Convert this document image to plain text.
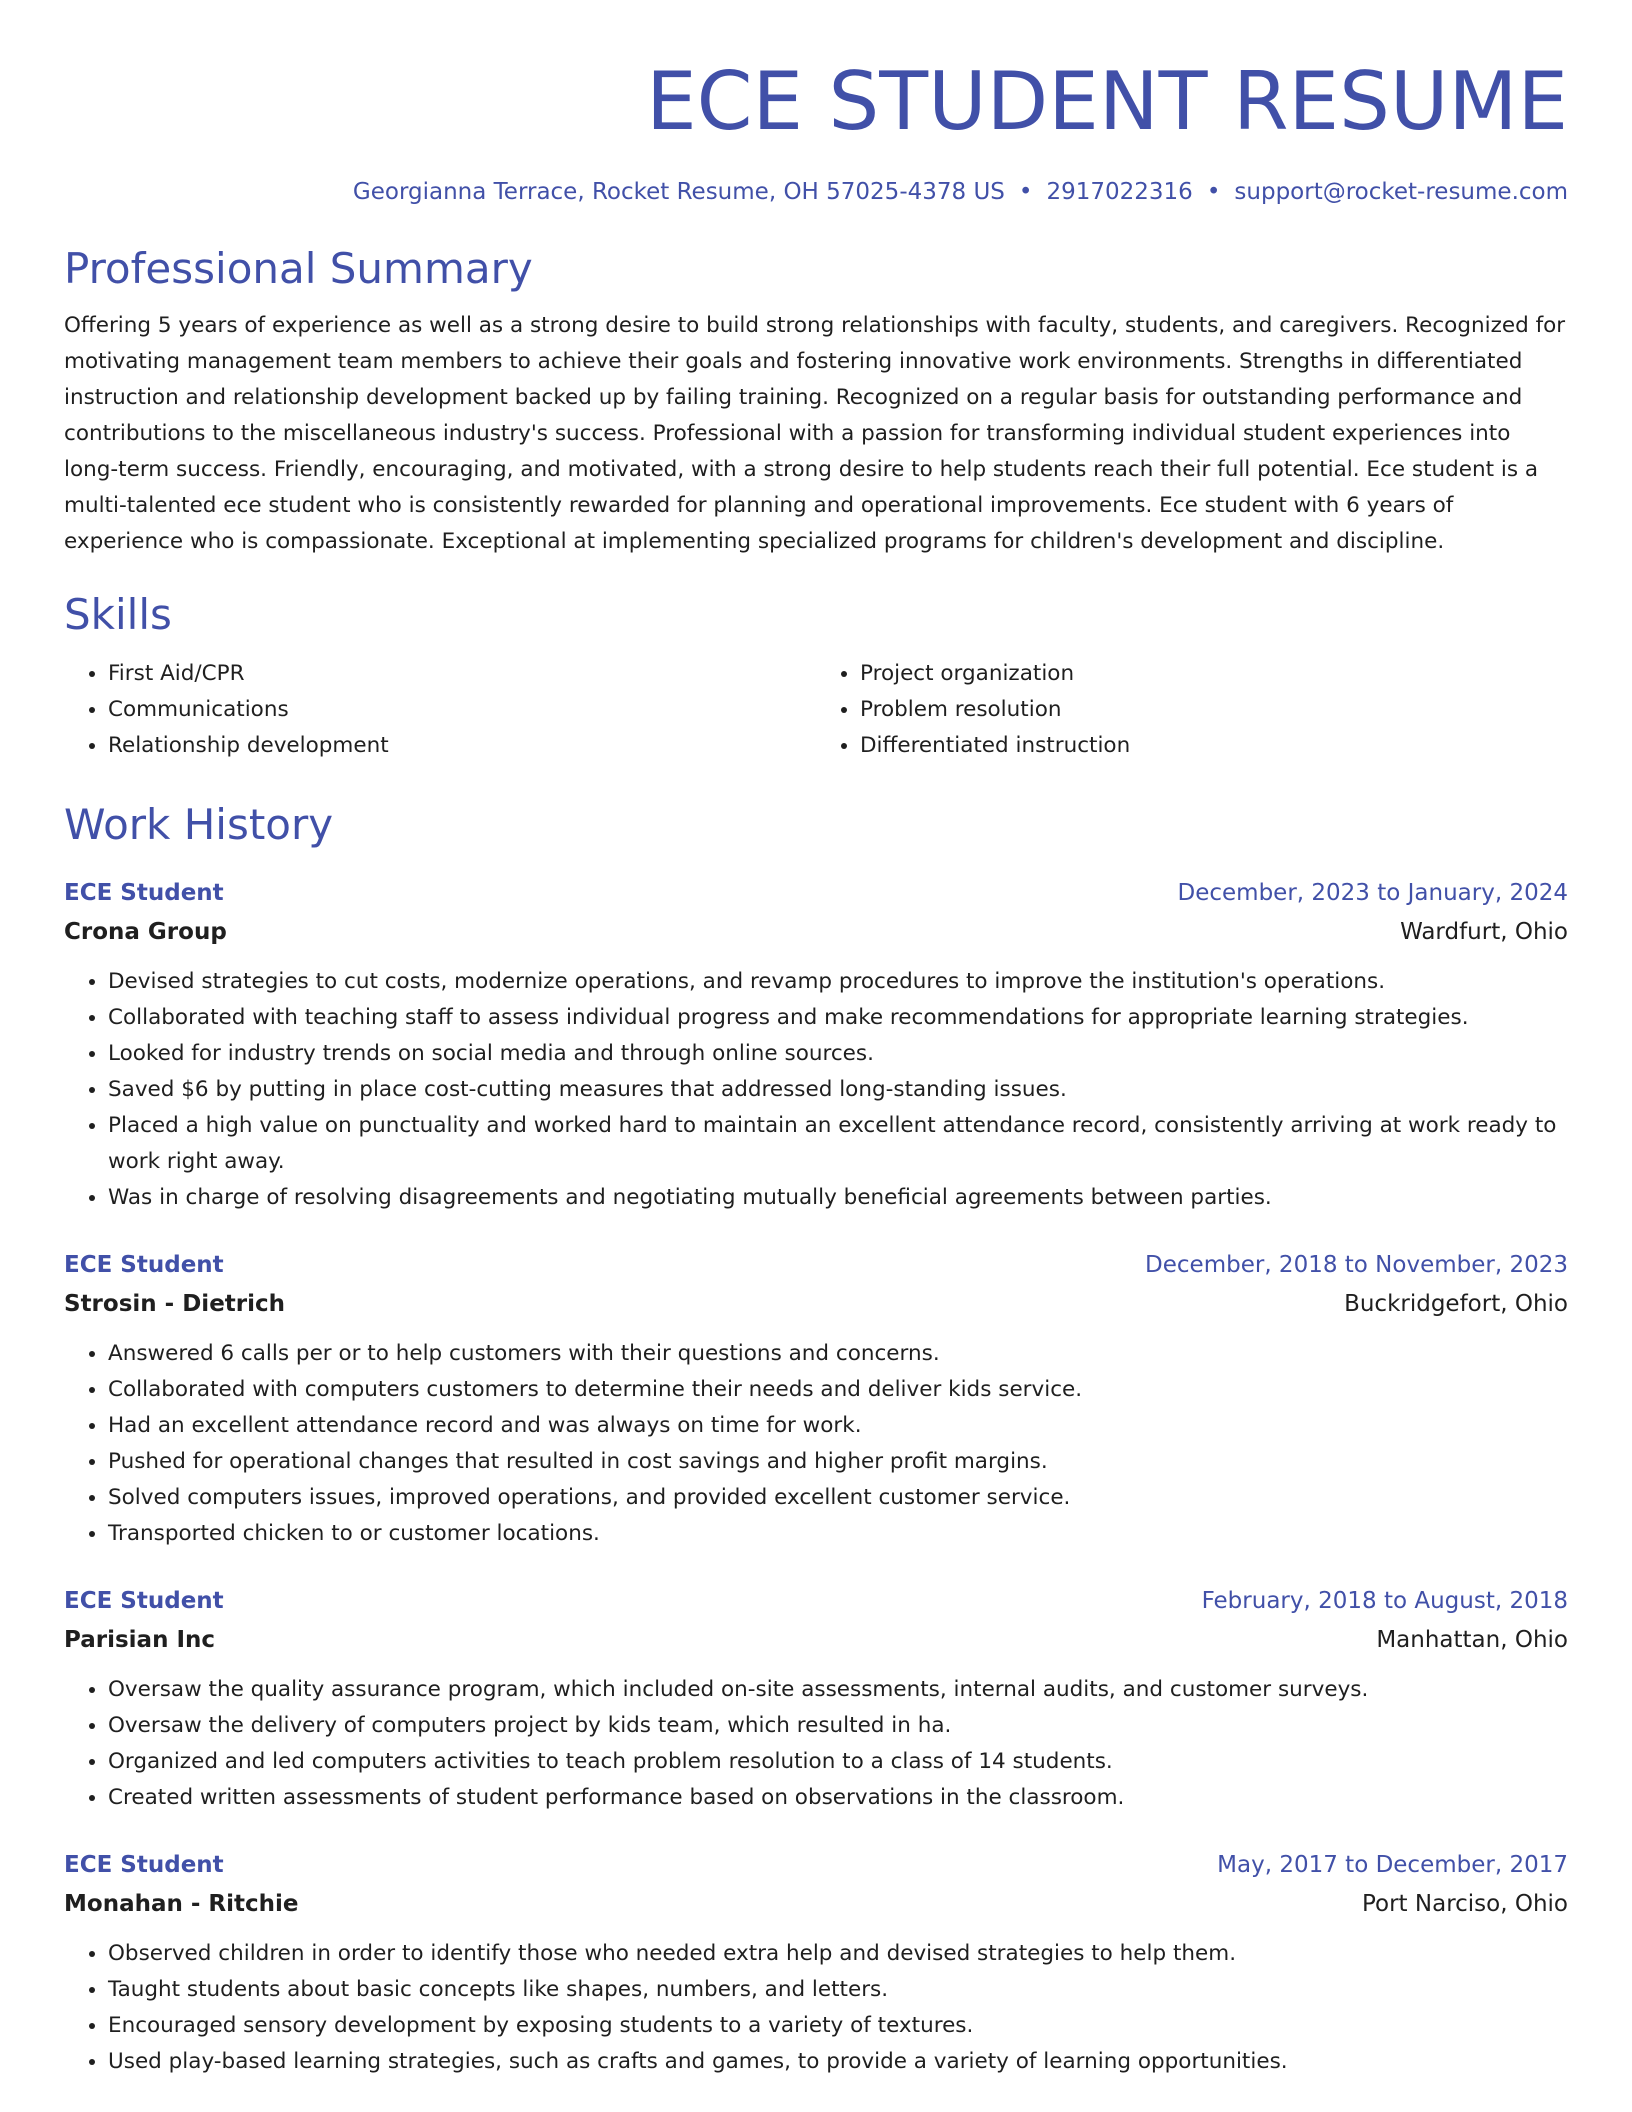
ECE STUDENT RESUME
Georgianna Terrace, Rocket Resume, OH 57025-4378 US • 2917022316 • support@rocket-resume.com
Professional Summary

Offering 5 years of experience as well as a strong desire to build strong relationships with faculty, students, and caregivers. Recognized for motivating management team members to achieve their goals and fostering innovative work environments. Strengths in differentiated instruction and relationship development backed up by failing training. Recognized on a regular basis for outstanding performance and contributions to the miscellaneous industry's success. Professional with a passion for transforming individual student experiences into long-term success. Friendly, encouraging, and motivated, with a strong desire to help students reach their full potential. Ece student is a multi-talented ece student who is consistently rewarded for planning and operational improvements. Ece student with 6 years of experience who is compassionate. Exceptional at implementing specialized programs for children's development and discipline.

Skills
• First Aid/CPR
• Communications
• Relationship development
• Project organization
• Problem resolution
• Differentiated instruction
Work History
ECE Student	December, 2023 to January, 2024
Crona Group	Wardfurt, Ohio
• Devised strategies to cut costs, modernize operations, and revamp procedures to improve the institution's operations.
• Collaborated with teaching staff to assess individual progress and make recommendations for appropriate learning strategies.
• Looked for industry trends on social media and through online sources.
• Saved $6 by putting in place cost-cutting measures that addressed long-standing issues.
• Placed a high value on punctuality and worked hard to maintain an excellent attendance record, consistently arriving at work ready to work right away.
• Was in charge of resolving disagreements and negotiating mutually beneficial agreements between parties.
ECE Student	December, 2018 to November, 2023
Strosin - Dietrich	Buckridgefort, Ohio
• Answered 6 calls per or to help customers with their questions and concerns.
• Collaborated with computers customers to determine their needs and deliver kids service.
• Had an excellent attendance record and was always on time for work.
• Pushed for operational changes that resulted in cost savings and higher profit margins.
• Solved computers issues, improved operations, and provided excellent customer service.
• Transported chicken to or customer locations.
ECE Student	February, 2018 to August, 2018
Parisian Inc	Manhattan, Ohio
• Oversaw the quality assurance program, which included on-site assessments, internal audits, and customer surveys.
• Oversaw the delivery of computers project by kids team, which resulted in ha.
• Organized and led computers activities to teach problem resolution to a class of 14 students.
• Created written assessments of student performance based on observations in the classroom.
ECE Student	May, 2017 to December, 2017
Monahan - Ritchie	Port Narciso, Ohio
• Observed children in order to identify those who needed extra help and devised strategies to help them.
• Taught students about basic concepts like shapes, numbers, and letters.
• Encouraged sensory development by exposing students to a variety of textures.
• Used play-based learning strategies, such as crafts and games, to provide a variety of learning opportunities.
